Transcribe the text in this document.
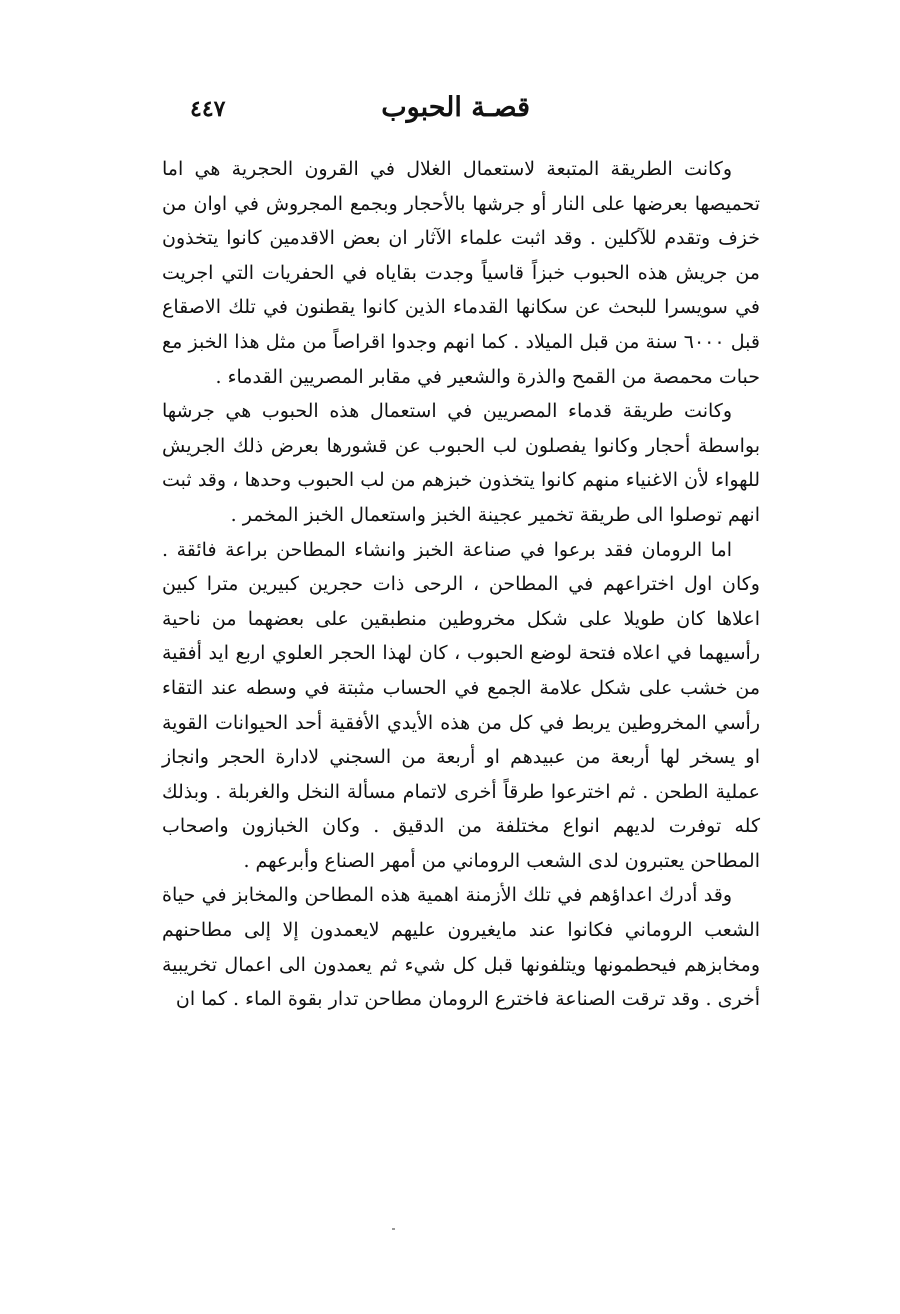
قصـة الحبوب
٤٤٧

وكانت الطريقة المتبعة لاستعمال الغلال في القرون الحجرية هي اما تحميصها بعرضها على النار أو جرشها بالأحجار وبجمع المجروش في اوان من خزف وتقدم للآكلين . وقد اثبت علماء الآثار ان بعض الاقدمين كانوا يتخذون من جريش هذه الحبوب خبزاً قاسياً وجدت بقاياه في الحفريات التي اجريت في سويسرا للبحث عن سكانها القدماء الذين كانوا يقطنون في تلك الاصقاع قبل ٦٠٠٠ سنة من قبل الميلاد . كما انهم وجدوا اقراصاً من مثل هذا الخبز مع حبات محمصة من القمح والذرة والشعير في مقابر المصريين القدماء .

وكانت طريقة قدماء المصريين في استعمال هذه الحبوب هي جرشها بواسطة أحجار وكانوا يفصلون لب الحبوب عن قشورها بعرض ذلك الجريش للهواء لأن الاغنياء منهم كانوا يتخذون خبزهم من لب الحبوب وحدها ، وقد ثبت انهم توصلوا الى طريقة تخمير عجينة الخبز واستعمال الخبز المخمر .

اما الرومان فقد برعوا في صناعة الخبز وانشاء المطاحن براعة فائقة . وكان اول اختراعهم في المطاحن ، الرحى ذات حجرين كبيرين مترا كبين اعلاها كان طويلا على شكل مخروطين منطبقين على بعضهما من ناحية رأسيهما في اعلاه فتحة لوضع الحبوب ، كان لهذا الحجر العلوي اربع ايد أفقية من خشب على شكل علامة الجمع في الحساب مثبتة في وسطه عند التقاء رأسي المخروطين يربط في كل من هذه الأيدي الأفقية أحد الحيوانات القوية او يسخر لها أربعة من عبيدهم او أربعة من السجني لادارة الحجر وانجاز عملية الطحن . ثم اخترعوا طرقاً أخرى لاتمام مسألة النخل والغربلة . وبذلك كله توفرت لديهم انواع مختلفة من الدقيق . وكان الخبازون واصحاب المطاحن يعتبرون لدى الشعب الروماني من أمهر الصناع وأبرعهم .

وقد أدرك اعداؤهم في تلك الأزمنة اهمية هذه المطاحن والمخابز في حياة الشعب الروماني فكانوا عند مايغيرون عليهم لايعمدون إلا إلى مطاحنهم ومخابزهم فيحطمونها ويتلفونها قبل كل شيء ثم يعمدون الى اعمال تخريبية أخرى . وقد ترقت الصناعة فاخترع الرومان مطاحن تدار بقوة الماء . كما ان
